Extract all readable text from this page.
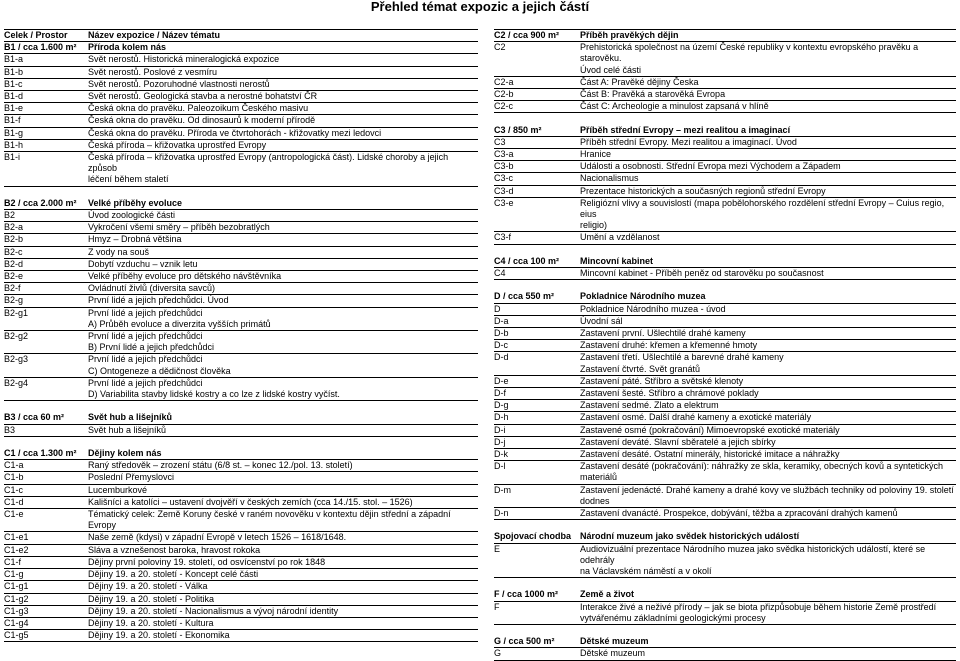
Přehled témat expozic a jejich částí
Celek / Prostor	Název expozice / Název tématu
B1 / cca 1.600 m²	Příroda kolem nás
B1-a	Svět nerostů. Historická mineralogická expozice
B1-b	Svět nerostů. Poslové z vesmíru
B1-c	Svět nerostů. Pozoruhodné vlastnosti nerostů
B1-d	Svět nerostů. Geologická stavba a nerostné bohatství ČR
B1-e	Česká okna do pravěku. Paleozoikum Českého masivu
B1-f	Česká okna do pravěku. Od dinosaurů k moderní přírodě
B1-g	Česká okna do pravěku. Příroda ve čtvrtohorách - křižovatky mezi ledovci
B1-h	Česká příroda – křižovatka uprostřed Evropy
B1-i	Česká příroda – křižovatka uprostřed Evropy (antropologická část). Lidské choroby a jejich způsob
léčení během staletí
B2 / cca 2.000 m²	Velké příběhy evoluce
B2	Úvod zoologické části
B2-a	Vykročení všemi směry – příběh bezobratlých
B2-b	Hmyz – Drobná většina
B2-c	Z vody na souš
B2-d	Dobytí vzduchu – vznik letu
B2-e	Velké příběhy evoluce pro dětského návštěvníka
B2-f	Ovládnutí živlů (diversita savců)
B2-g	První lidé a jejich předchůdci. Úvod
B2-g1	První lidé a jejich předchůdci
A) Průběh evoluce a diverzita vyšších primátů
B2-g2	První lidé a jejich předchůdci
B) První lidé a jejich předchůdci
B2-g3	První lidé a jejich předchůdci
C) Ontogeneze a dědičnost člověka
B2-g4	První lidé a jejich předchůdci
D) Variabilita stavby lidské kostry a co lze z lidské kostry vyčíst.
B3 / cca 60 m²	Svět hub a lišejníků
B3	Svět hub a lišejníků
C1 / cca 1.300 m²	Dějiny kolem nás
C1-a	Raný středověk – zrození státu (6/8 st. – konec 12./pol. 13. století)
C1-b	Poslední Přemyslovci
C1-c	Lucemburkové
C1-d	Kališníci a katolíci – ustavení dvojvěří v českých zemích (cca 14./15. stol. – 1526)
C1-e	Tématický celek: Země Koruny české v raném novověku v kontextu dějin střední a západní
Evropy
C1-e1	Naše země (kdysi) v západní Evropě v letech 1526 – 1618/1648.
C1-e2	Sláva a vznešenost baroka, hravost rokoka
C1-f	Dějiny první poloviny 19. století, od osvícenství po rok 1848
C1-g	Dějiny 19. a 20. století - Koncept celé části
C1-g1	Dějiny 19. a 20. století - Válka
C1-g2	Dějiny 19. a 20. století - Politika
C1-g3	Dějiny 19. a 20. století - Nacionalismus a vývoj národní identity
C1-g4	Dějiny 19. a 20. století - Kultura
C1-g5	Dějiny 19. a 20. století - Ekonomika
C2 / cca 900 m²	Příběh pravěkých dějin
C2	Prehistorická společnost na území České republiky v kontextu evropského pravěku a starověku.
Úvod celé části
C2-a	Část A: Pravěké dějiny Česka
C2-b	Část B: Pravěká a starověká Evropa
C2-c	Část C: Archeologie a minulost zapsaná v hlíně
C3 / 850 m²	Příběh střední Evropy – mezi realitou a imaginací
C3	Příběh střední Evropy. Mezi realitou a imaginací. Úvod
C3-a	Hranice
C3-b	Události a osobnosti. Střední Evropa mezi Východem a Západem
C3-c	Nacionalismus
C3-d	Prezentace historických a současných regionů střední Evropy
C3-e	Religiózní vlivy a souvislostí (mapa pobělohorského rozdělení střední Evropy – Cuius regio, eius
religio)
C3-f	Umění a vzdělanost
C4 / cca 100 m²	Mincovní kabinet
C4	Mincovní kabinet - Příběh peněz od starověku po současnost
D / cca 550 m²	Pokladnice Národního muzea
D	Pokladnice Národního muzea - úvod
D-a	Úvodní sál
D-b	Zastavení první. Ušlechtilé drahé kameny
D-c	Zastavení druhé: křemen a křemenné hmoty
D-d	Zastavení třetí. Ušlechtilé a barevné drahé kameny
Zastavení čtvrté. Svět granátů
D-e	Zastavení páté. Stříbro a světské klenoty
D-f	Zastavení šesté. Stříbro a chrámové poklady
D-g	Zastavení sedmé. Zlato a elektrum
D-h	Zastavení osmé. Další drahé kameny a exotické materiály
D-i	Zastavené osmé (pokračování) Mimoevropské exotické materiály
D-j	Zastavení deváté. Slavní sběratelé a jejich sbírky
D-k	Zastavení desáté. Ostatní minerály, historické imitace a náhražky
D-l	Zastavení desáté (pokračování): náhražky ze skla, keramiky, obecných kovů a syntetických
materiálů
D-m	Zastavení jedenácté. Drahé kameny a drahé kovy ve službách techniky od poloviny 19. století
dodnes
D-n	Zastavení dvanácté. Prospekce, dobývání, těžba a zpracování drahých kamenů
Spojovací chodba Národní muzeum jako svědek historických událostí
E	Audiovizuální prezentace Národního muzea jako svědka historických událostí, které se odehrály
na Václavském náměstí a v okolí
F / cca 1000 m²	Země a život
F	Interakce živé a neživé přírody – jak se biota přizpůsobuje během historie Země prostředí
vytvářenému základními geologickými procesy
G / cca 500 m²	Dětské muzeum
G	Dětské muzeum
